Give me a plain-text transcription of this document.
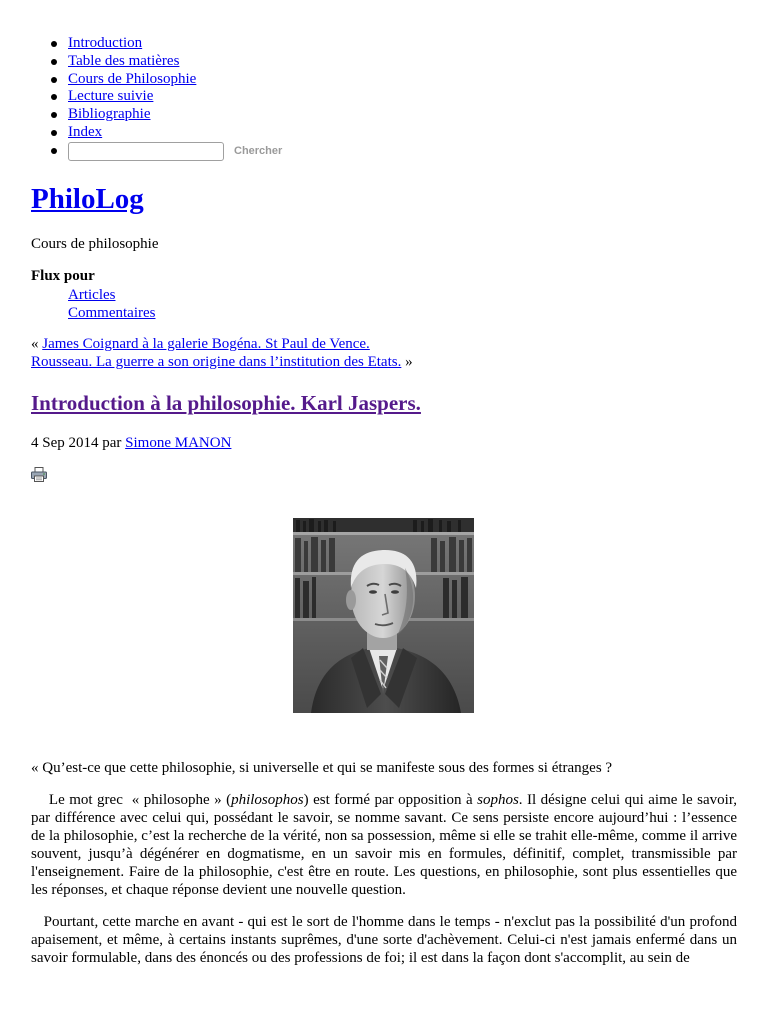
Introduction
Table des matières
Cours de Philosophie
Lecture suivie
Bibliographie
Index
Chercher
PhiloLog
Cours de philosophie
Flux pour
Articles
Commentaires
« James Coignard à la galerie Bogéna. St Paul de Vence.
Rousseau. La guerre a son origine dans l’institution des Etats. »
Introduction à la philosophie. Karl Jaspers.
4 Sep 2014 par Simone MANON
« Qu’est-ce que cette philosophie, si universelle et qui se manifeste sous des formes si étranges ?

Le mot grec  « philosophe » (philosophos) est formé par opposition à sophos. Il désigne celui qui aime le savoir, par différence avec celui qui, possédant le savoir, se nomme savant. Ce sens persiste encore aujourd’hui : l’essence de la philosophie, c’est la recherche de la vérité, non sa possession, même si elle se trahit elle-même, comme il arrive souvent, jusqu’à dégénérer en dogmatisme, en un savoir mis en formules, définitif, complet, transmissible par l'enseignement. Faire de la philosophie, c'est être en route. Les questions, en philosophie, sont plus essentielles que les réponses, et chaque réponse devient une nouvelle question.

Pourtant, cette marche en avant - qui est le sort de l'homme dans le temps - n'exclut pas la possibilité d'un profond apaisement, et même, à certains instants suprêmes, d'une sorte d'achèvement. Celui-ci n'est jamais enfermé dans un savoir formulable, dans des énoncés ou des professions de foi; il est dans la façon dont s'accomplit, au sein de
